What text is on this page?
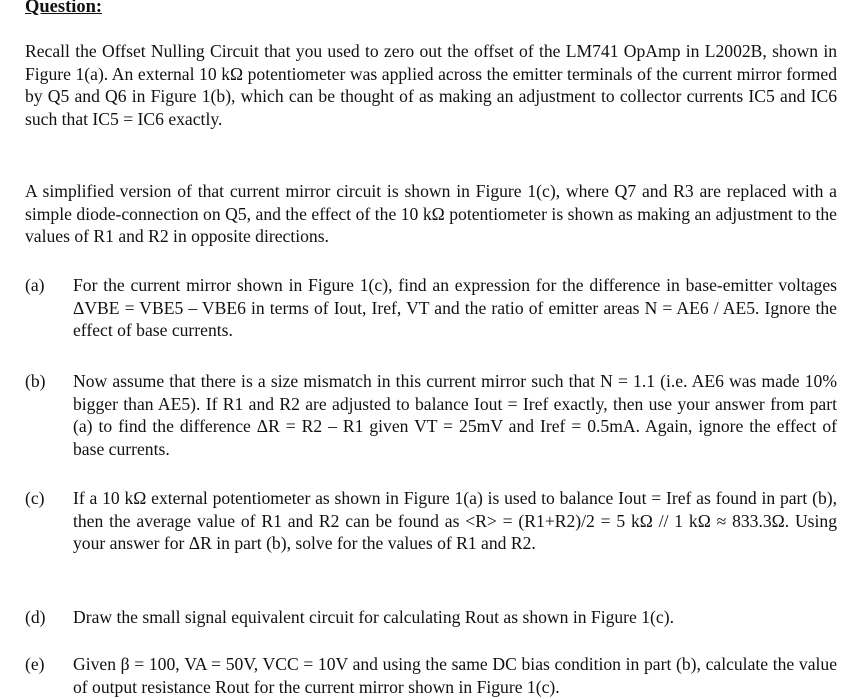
Question:
Recall the Offset Nulling Circuit that you used to zero out the offset of the LM741 OpAmp in L2002B, shown in Figure 1(a). An external 10 kΩ potentiometer was applied across the emitter terminals of the current mirror formed by Q5 and Q6 in Figure 1(b), which can be thought of as making an adjustment to collector currents IC5 and IC6 such that IC5 = IC6 exactly.
A simplified version of that current mirror circuit is shown in Figure 1(c), where Q7 and R3 are replaced with a simple diode-connection on Q5, and the effect of the 10 kΩ potentiometer is shown as making an adjustment to the values of R1 and R2 in opposite directions.
(a) For the current mirror shown in Figure 1(c), find an expression for the difference in base-emitter voltages ΔVBE = VBE5 – VBE6 in terms of Iout, Iref, VT and the ratio of emitter areas N = AE6 / AE5. Ignore the effect of base currents.
(b) Now assume that there is a size mismatch in this current mirror such that N = 1.1 (i.e. AE6 was made 10% bigger than AE5). If R1 and R2 are adjusted to balance Iout = Iref exactly, then use your answer from part (a) to find the difference ΔR = R2 – R1 given VT = 25mV and Iref = 0.5mA. Again, ignore the effect of base currents.
(c) If a 10 kΩ external potentiometer as shown in Figure 1(a) is used to balance Iout = Iref as found in part (b), then the average value of R1 and R2 can be found as <R> = (R1+R2)/2 = 5 kΩ // 1 kΩ ≈ 833.3Ω. Using your answer for ΔR in part (b), solve for the values of R1 and R2.
(d) Draw the small signal equivalent circuit for calculating Rout as shown in Figure 1(c).
(e) Given β = 100, VA = 50V, VCC = 10V and using the same DC bias condition in part (b), calculate the value of output resistance Rout for the current mirror shown in Figure 1(c).
